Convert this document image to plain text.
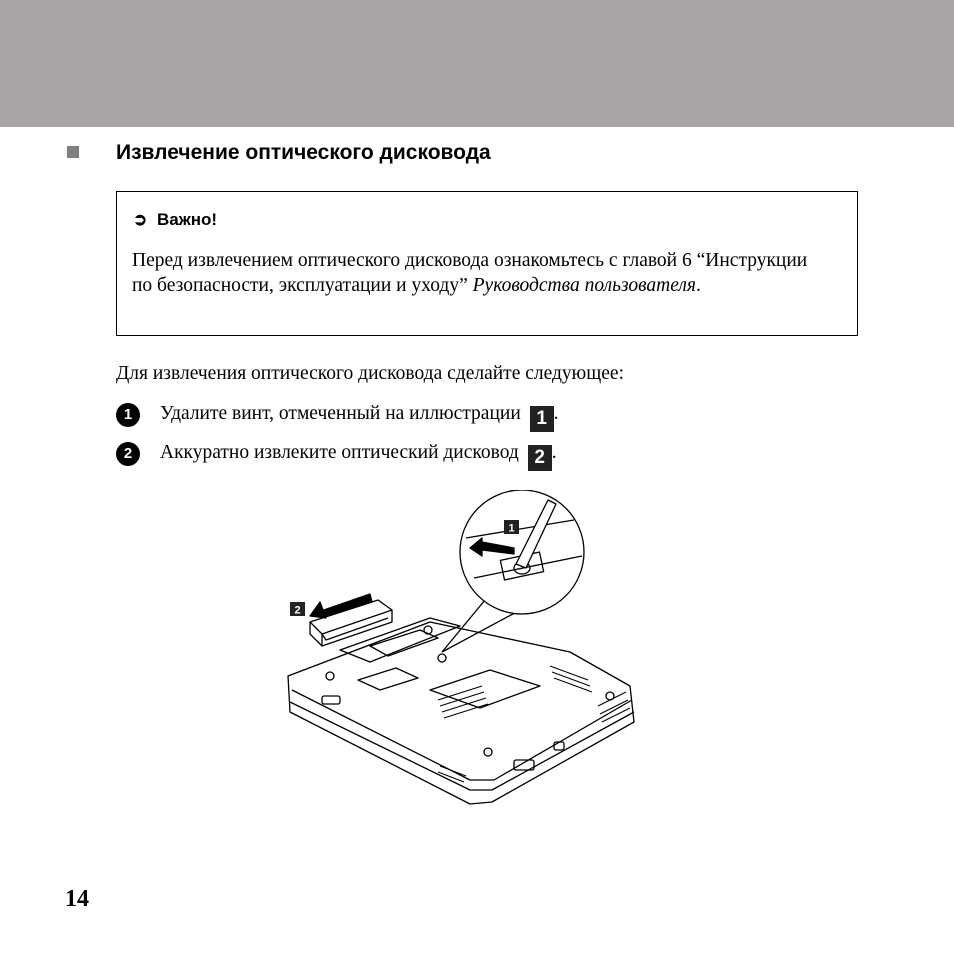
Извлечение оптического дисковода
➲ Важно!
Перед извлечением оптического дисковода ознакомьтесь с главой 6 “Инструкции по безопасности, эксплуатации и уходу” Руководства пользователя.
Для извлечения оптического дисковода сделайте следующее:
1	Удалите винт, отмеченный на иллюстрации 1 .
2	Аккуратно извлеките оптический дисковод 2 .
1
2
14
